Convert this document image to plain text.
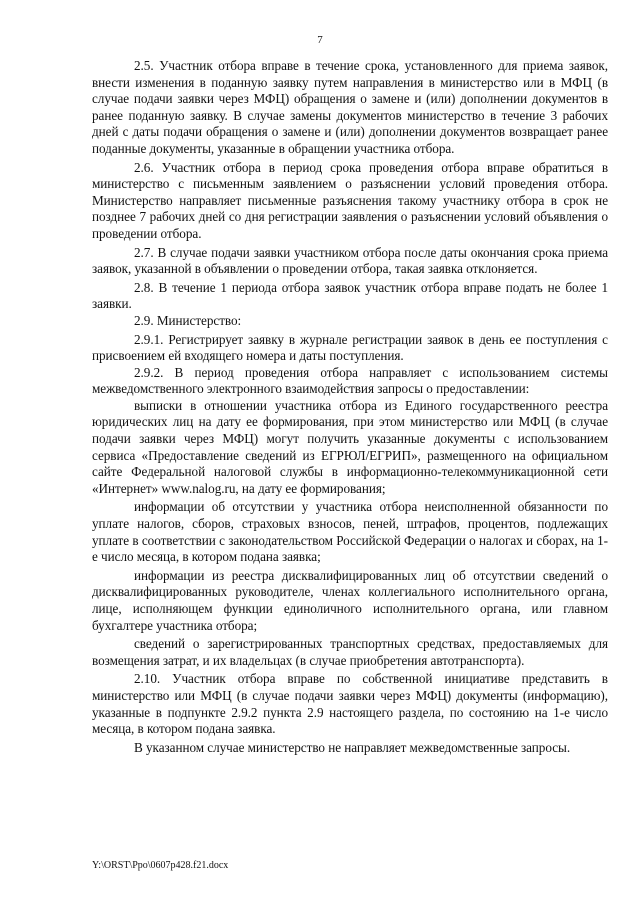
7

2.5. Участник отбора вправе в течение срока, установленного для приема заявок, внести изменения в поданную заявку путем направления в министерство или в МФЦ (в случае подачи заявки через МФЦ) обращения о замене и (или) дополнении документов в ранее поданную заявку. В случае замены документов министерство в течение 3 рабочих дней с даты подачи обращения о замене и (или) дополнении документов возвращает ранее поданные документы, указанные в обращении участника отбора.

2.6. Участник отбора в период срока проведения отбора вправе обратиться в министерство с письменным заявлением о разъяснении условий проведения отбора. Министерство направляет письменные разъяснения такому участнику отбора в срок не позднее 7 рабочих дней со дня регистрации заявления о разъяснении условий объявления о проведении отбора.

2.7. В случае подачи заявки участником отбора после даты окончания срока приема заявок, указанной в объявлении о проведении отбора, такая заявка отклоняется.

2.8. В течение 1 периода отбора заявок участник отбора вправе подать не более 1 заявки.

2.9. Министерство:

2.9.1. Регистрирует заявку в журнале регистрации заявок в день ее поступления с присвоением ей входящего номера и даты поступления.

2.9.2. В период проведения отбора направляет с использованием системы межведомственного электронного взаимодействия запросы о предоставлении:

выписки в отношении участника отбора из Единого государственного реестра юридических лиц на дату ее формирования, при этом министерство или МФЦ (в случае подачи заявки через МФЦ) могут получить указанные документы с использованием сервиса «Предоставление сведений из ЕГРЮЛ/ЕГРИП», размещенного на официальном сайте Федеральной налоговой службы в информационно-телекоммуникационной сети «Интернет» www.nalog.ru, на дату ее формирования;

информации об отсутствии у участника отбора неисполненной обязанности по уплате налогов, сборов, страховых взносов, пеней, штрафов, процентов, подлежащих уплате в соответствии с законодательством Российской Федерации о налогах и сборах, на 1-е число месяца, в котором подана заявка;

информации из реестра дисквалифицированных лиц об отсутствии сведений о дисквалифицированных руководителе, членах коллегиального исполнительного органа, лице, исполняющем функции единоличного исполнительного органа, или главном бухгалтере участника отбора;

сведений о зарегистрированных транспортных средствах, предоставляемых для возмещения затрат, и их владельцах (в случае приобретения автотранспорта).

2.10. Участник отбора вправе по собственной инициативе представить в министерство или МФЦ (в случае подачи заявки через МФЦ) документы (информацию), указанные в подпункте 2.9.2 пункта 2.9 настоящего раздела, по состоянию на 1-е число месяца, в котором подана заявка.

В указанном случае министерство не направляет межведомственные запросы.

Y:\ORST\Ppo\0607p428.f21.docx
